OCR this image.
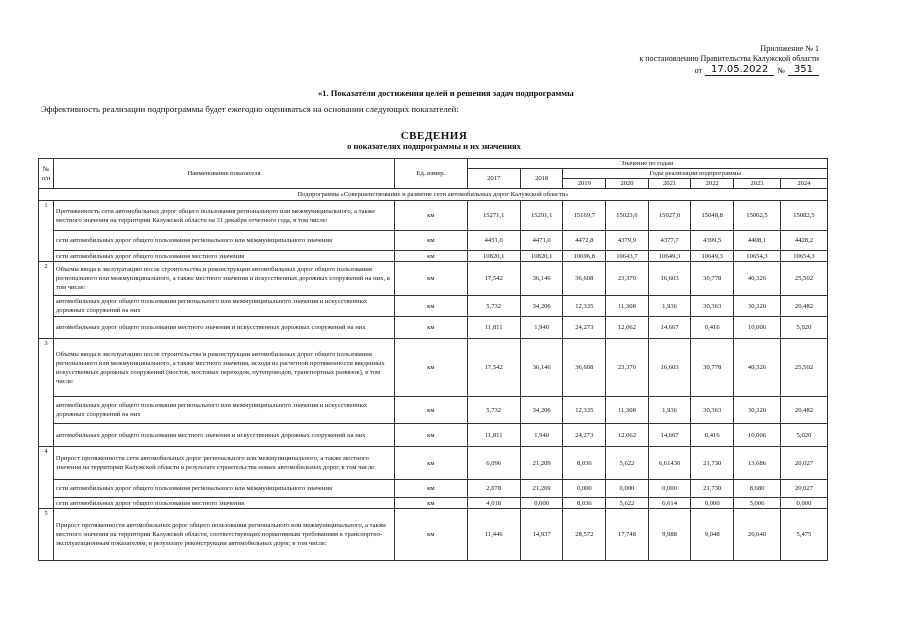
Приложение № 1
к постановлению Правительства Калужской области
от 17.05.2022	№ 351
«1. Показатели достижения целей и решения задач подпрограммы
Эффективность реализации подпрограммы будет ежегодно оцениваться на основании следующих показателей:
СВЕДЕНИЯ
о показателях подпрограммы и их значениях
№ п/п	Наименование показателя	Ед. измер.	Значение по годам							
			2017	2018	Годы реализации подпрограммы					
					2019	2020	2021	2022	2023	2024
Подпрограмма «Совершенствование и развитие сети автомобильных дорог Калужской области»										
1	Протяженность сети автомобильных дорог общего пользования регионального или межмуниципального, а также местного значения на территории Калужской области на 31 декабря отчетного года, в том числе:	км	15271,1	15291,1	15169,7	15023,6	15027,0	15048,8	15062,5	15082,5
	сети автомобильных дорог общего пользования регионального или межмуниципального значения	км	4451,0	4471,0	4472,8	4379,9	4377,7	4399,5	4408,1	4428,2
	сети автомобильных дорог общего пользования местного значения	км	10820,1	10820,1	10696,8	10643,7	10649,3	10649,3	10654,3	10654,3
2	Объемы ввода в эксплуатацию после строительства и реконструкции автомобильных дорог общего пользования регионального или межмуниципального, а также местного значения и искусственных дорожных сооружений на них, в том числе:	км	17,542	36,146	36,608	23,370	16,603	30,778	40,326	25,502
	автомобильных дорог общего пользования регионального или межмуниципального значения и искусственных дорожных сооружений на них	км	5,732	34,206	12,335	11,308	1,936	30,363	30,320	20,482
	автомобильных дорог общего пользования местного значения и искусственных дорожных сооружений на них	км	11,811	1,940	24,273	12,062	14,667	0,416	10,006	5,020
3	Объемы ввода в эксплуатацию после строительства и реконструкции автомобильных дорог общего пользования регионального или межмуниципального, а также местного значения, исходя из расчетной протяженности введенных искусственных дорожных сооружений (мостов, мостовых переходов, путепроводов, транспортных развязок), в том числе:	км	17,542	36,146	36,608	23,370	16,603	30,778	40,326	25,502
	автомобильных дорог общего пользования регионального или межмуниципального значения и искусственных дорожных сооружений на них	км	5,732	34,206	12,335	11,308	1,936	30,363	30,320	20,482
	автомобильных дорог общего пользования местного значения и искусственных дорожных сооружений на них	км	11,811	1,940	24,273	12,062	14,667	0,416	10,006	5,020
4	Прирост протяженности сети автомобильных дорог регионального или межмуниципального, а также местного значения на территории Калужской области в результате строительства новых автомобильных дорог, в том числе:	км	6,096	21,209	8,036	5,622	6,61430	21,730	13,686	20,027
	сети автомобильных дорог общего пользования регионального или межмуниципального значения	км	2,078	21,209	0,000	0,000	0,000	21,730	8,680	20,027
	сети автомобильных дорог общего пользования местного значения	км	4,018	0,000	8,036	5,622	6,614	0,000	5,006	0,000
5	Прирост протяженности автомобильных дорог общего пользования регионального или межмуниципального, а также местного значения на территории Калужской области, соответствующих нормативным требованиям к транспортно-эксплуатационным показателям, в результате реконструкции автомобильных дорог, в том числе:	км	11,446	14,937	28,572	17,748	9,988	9,048	26,640	5,475
